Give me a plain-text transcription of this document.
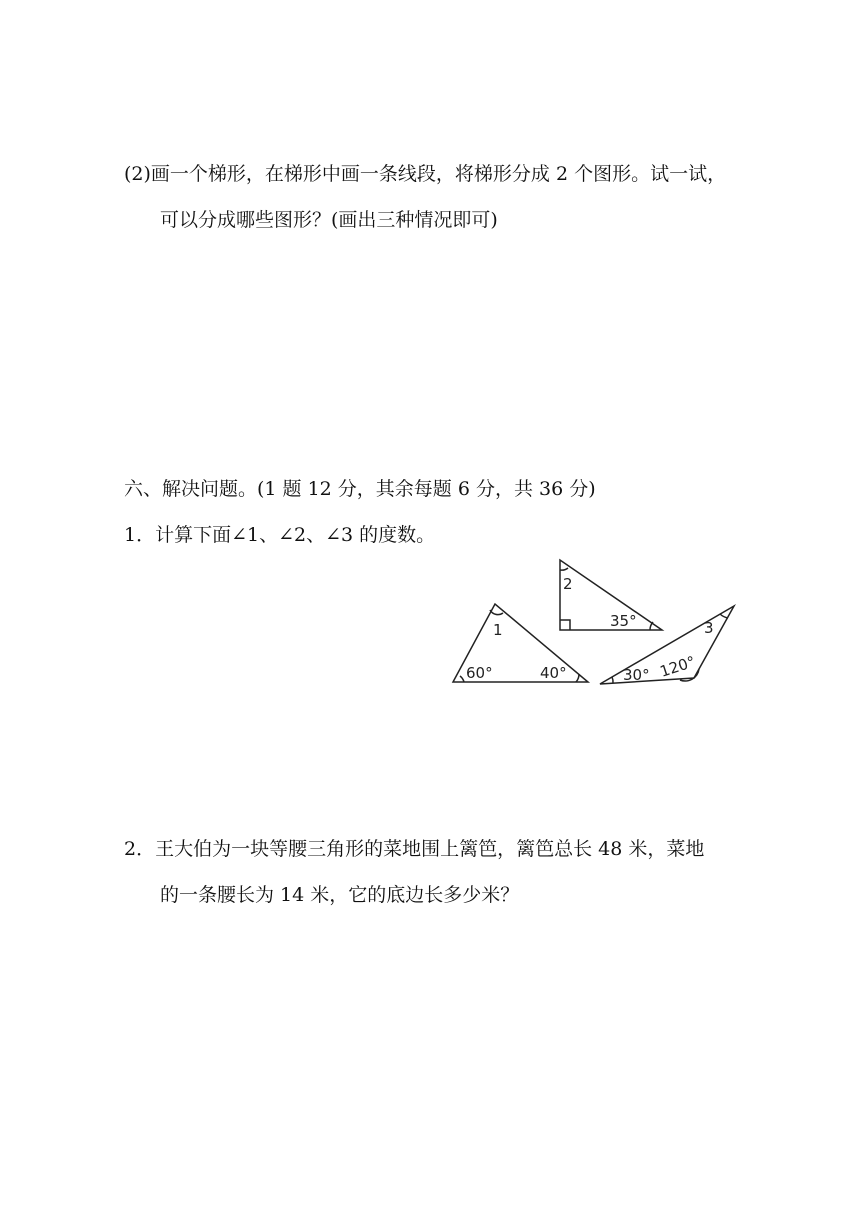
(2)画一个梯形，在梯形中画一条线段，将梯形分成 2 个图形。试一试，
可以分成哪些图形？(画出三种情况即可)
六、解决问题。(1 题 12 分，其余每题 6 分，共 36 分)
1．计算下面∠1、∠2、∠3 的度数。
1
60°	40°
2
35°	3
30° 120°
2．王大伯为一块等腰三角形的菜地围上篱笆，篱笆总长 48 米，菜地
的一条腰长为 14 米，它的底边长多少米？
